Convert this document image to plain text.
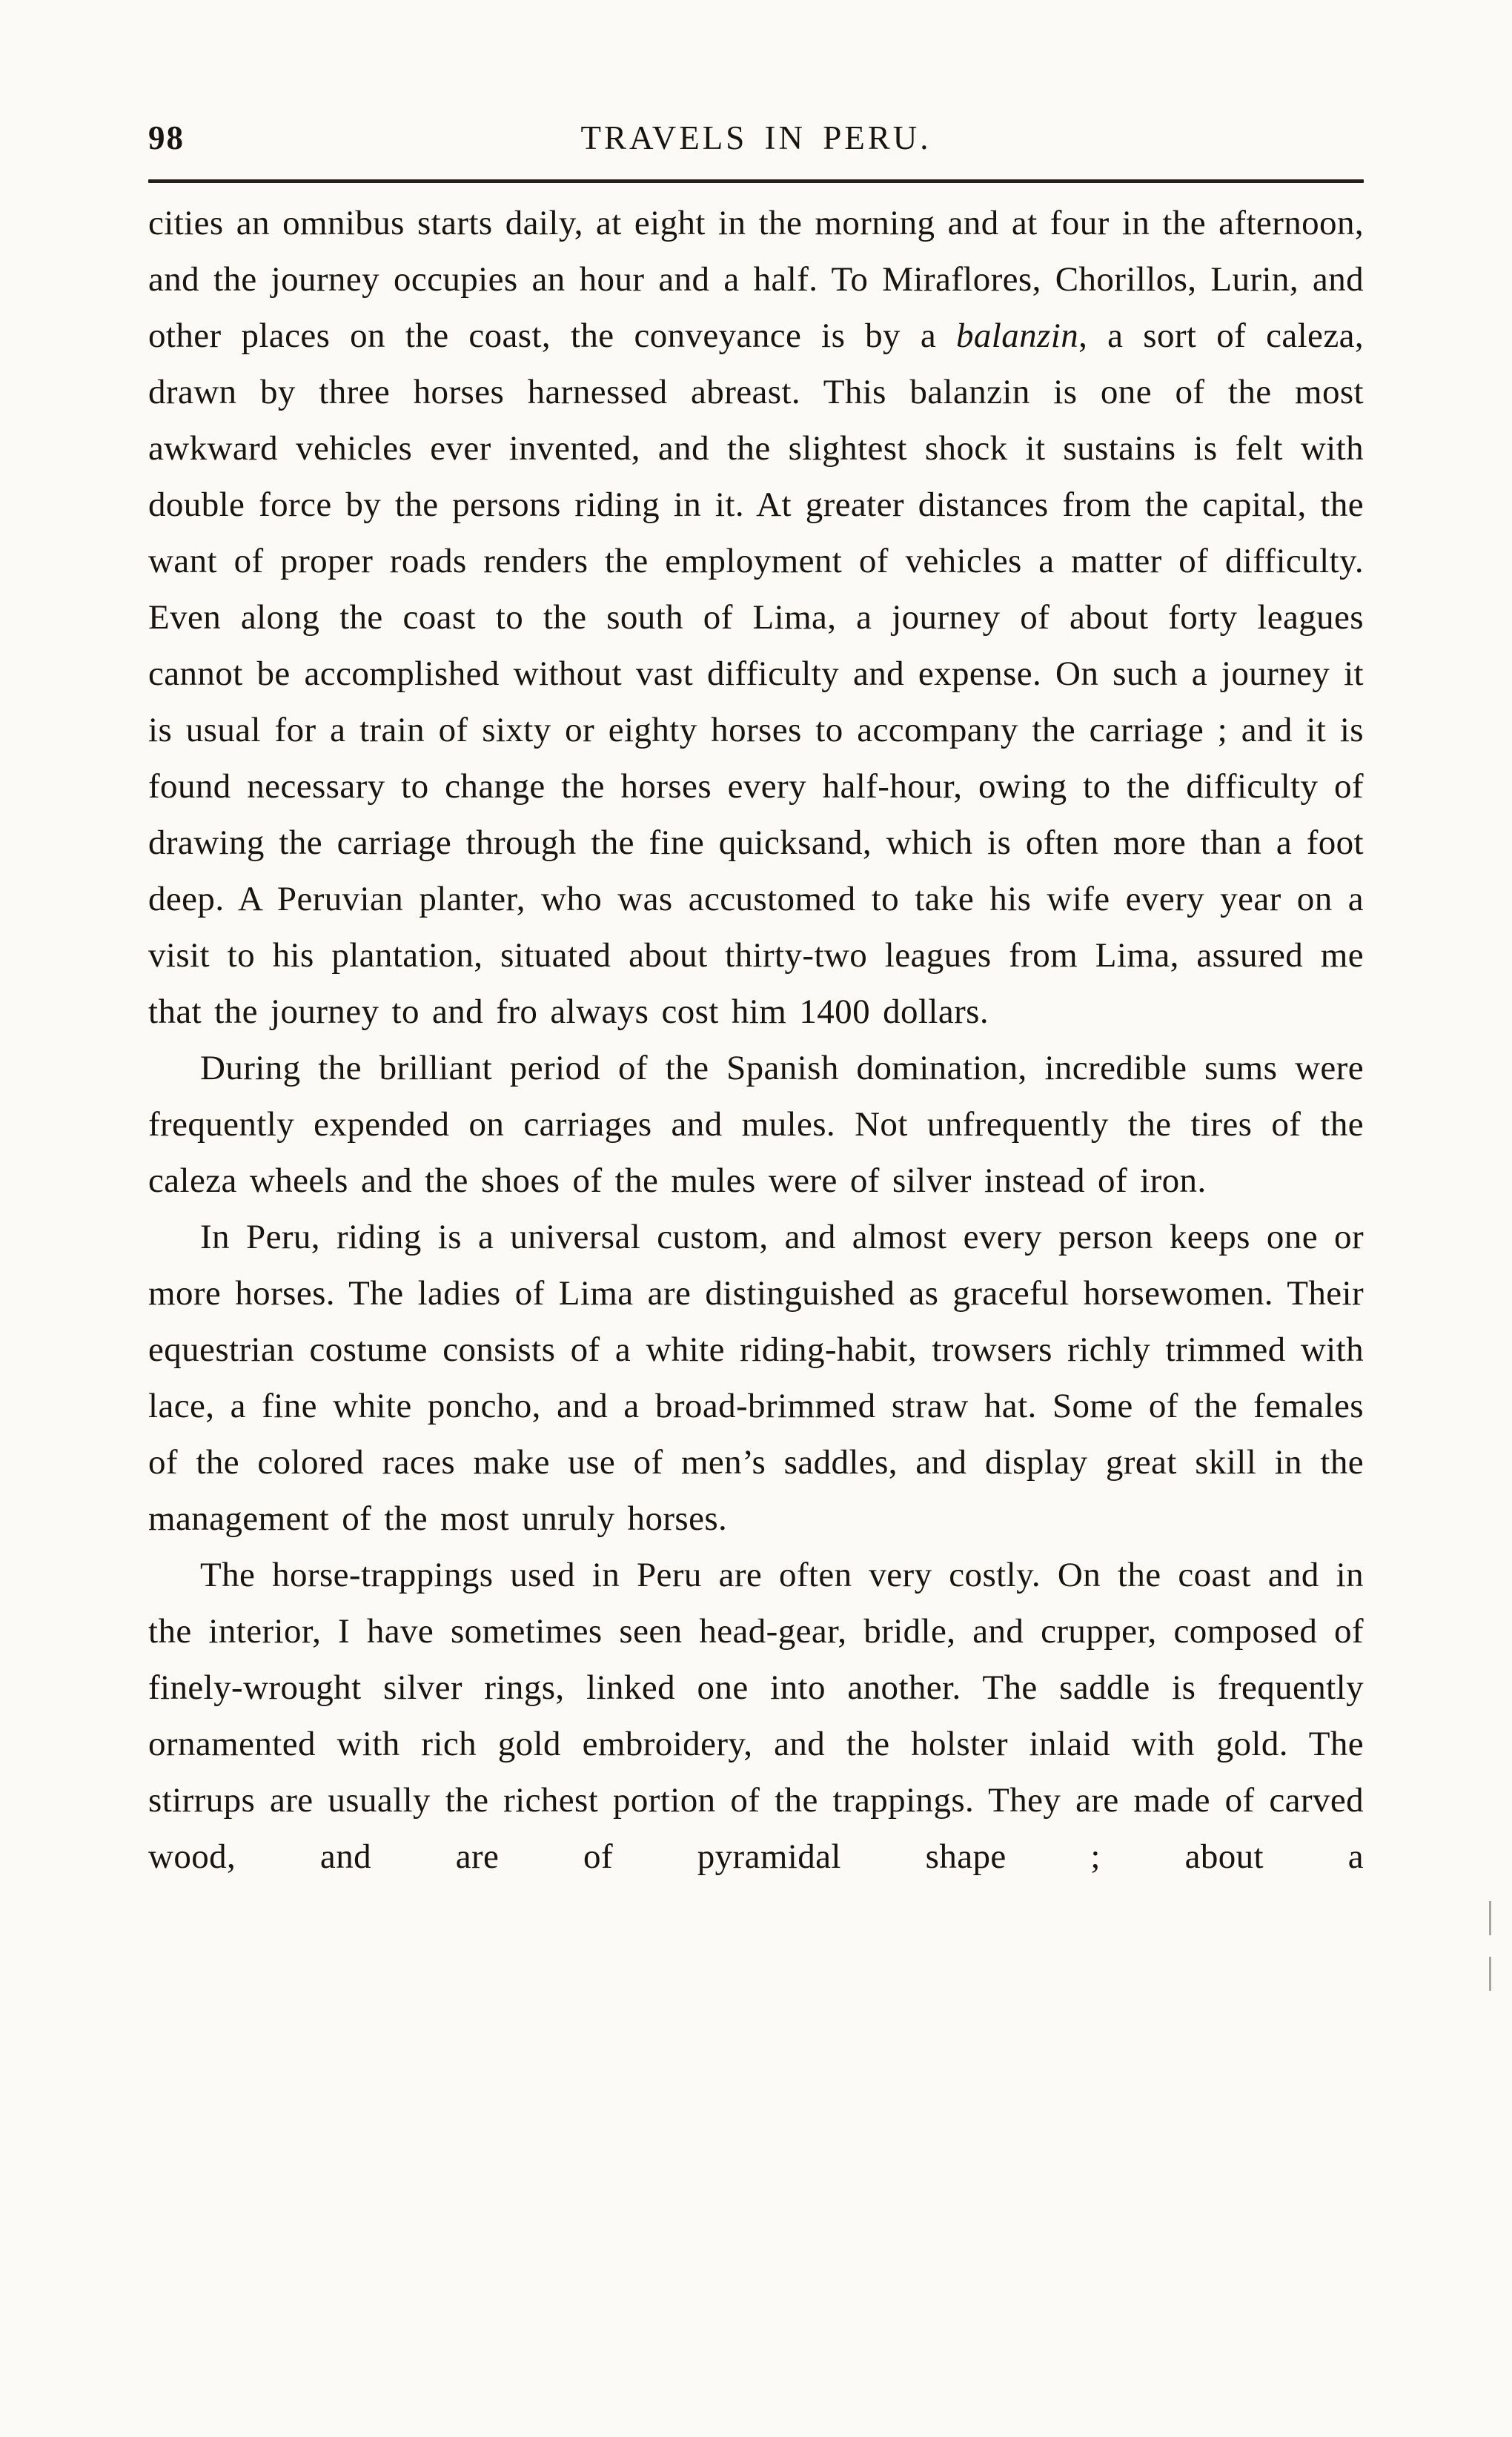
98	TRAVELS IN PERU.

cities an omnibus starts daily, at eight in the morning and at four in the afternoon, and the journey occupies an hour and a half. To Miraflores, Chorillos, Lurin, and other places on the coast, the conveyance is by a balanzin, a sort of caleza, drawn by three horses harnessed abreast. This balanzin is one of the most awkward vehicles ever invented, and the slightest shock it sustains is felt with double force by the persons riding in it. At greater distances from the capital, the want of proper roads renders the employment of vehicles a matter of difficulty. Even along the coast to the south of Lima, a journey of about forty leagues cannot be accomplished without vast difficulty and expense. On such a journey it is usual for a train of sixty or eighty horses to accompany the carriage ; and it is found necessary to change the horses every half-hour, owing to the difficulty of drawing the carriage through the fine quicksand, which is often more than a foot deep. A Peruvian planter, who was accustomed to take his wife every year on a visit to his plantation, situated about thirty-two leagues from Lima, assured me that the journey to and fro always cost him 1400 dollars.

During the brilliant period of the Spanish domination, incredible sums were frequently expended on carriages and mules. Not unfrequently the tires of the caleza wheels and the shoes of the mules were of silver instead of iron.

In Peru, riding is a universal custom, and almost every person keeps one or more horses. The ladies of Lima are distinguished as graceful horsewomen. Their equestrian costume consists of a white riding-habit, trowsers richly trimmed with lace, a fine white poncho, and a broad-brimmed straw hat. Some of the females of the colored races make use of men’s saddles, and display great skill in the management of the most unruly horses.

The horse-trappings used in Peru are often very costly. On the coast and in the interior, I have sometimes seen head-gear, bridle, and crupper, composed of finely-wrought silver rings, linked one into another. The saddle is frequently ornamented with rich gold embroidery, and the holster inlaid with gold. The stirrups are usually the richest portion of the trappings. They are made of carved wood, and are of pyramidal shape ; about a
